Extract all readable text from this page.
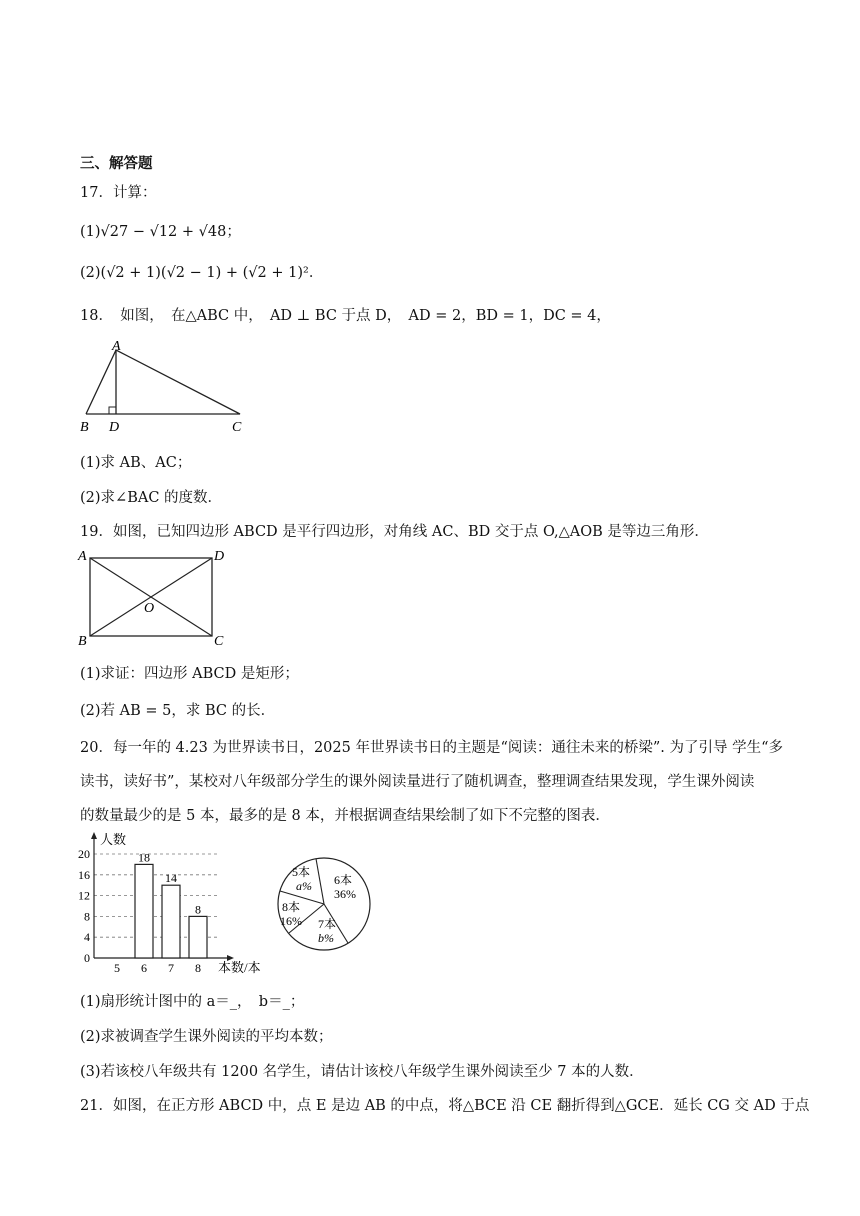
三、解答题
17．计算：
(1)√27 − √12 + √48；
(2)(√2 + 1)(√2 − 1) + (√2 + 1)²．
18．　如图，　在△ABC 中，　AD ⊥ BC 于点 D，　AD = 2，BD = 1，DC = 4，
A
B D	C
(1)求 AB、AC；
(2)求∠BAC 的度数．
19．如图，已知四边形 ABCD 是平行四边形，对角线 AC、BD 交于点 O,△AOB 是等边三角形．
A	D
B	C
O
(1)求证：四边形 ABCD 是矩形；
(2)若 AB = 5，求 BC 的长．
20．每一年的 4.23 为世界读书日，2025 年世界读书日的主题是“阅读：通往未来的桥梁”. 为了引导 学生“多
读书，读好书”，某校对八年级部分学生的课外阅读量进行了随机调查，整理调查结果发现，学生课外阅读
的数量最少的是 5 本，最多的是 8 本，并根据调查结果绘制了如下不完整的图表．
人数
本数/本
0
4
8
12
16
20
5
18
6
14
7
8
8
5本
a% 6本
36%
7本
b%
8本
16%
(1)扇形统计图中的 a＝_，　b＝_；
(2)求被调查学生课外阅读的平均本数；
(3)若该校八年级共有 1200 名学生，请估计该校八年级学生课外阅读至少 7 本的人数．
21．如图，在正方形 ABCD 中，点 E 是边 AB 的中点，将△BCE 沿 CE 翻折得到△GCE．延长 CG 交 AD 于点
